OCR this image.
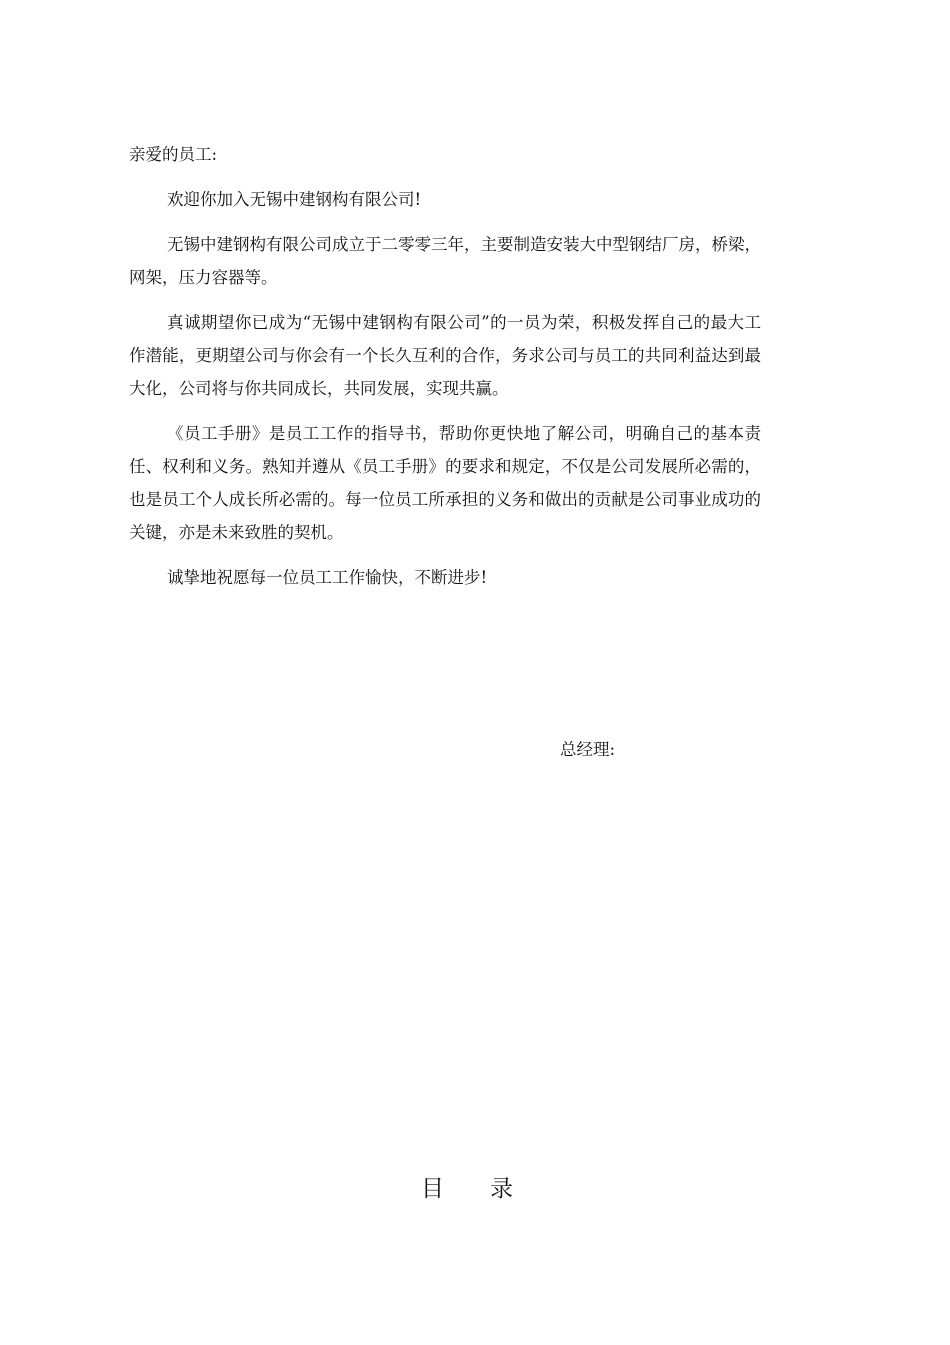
亲爱的员工:

欢迎你加入无锡中建钢构有限公司!

无锡中建钢构有限公司成立于二零零三年，主要制造安装大中型钢结厂房，桥梁，网架，压力容器等。

真诚期望你已成为“无锡中建钢构有限公司”的一员为荣，积极发挥自己的最大工作潜能，更期望公司与你会有一个长久互利的合作，务求公司与员工的共同利益达到最大化，公司将与你共同成长，共同发展，实现共赢。

《员工手册》是员工工作的指导书，帮助你更快地了解公司，明确自己的基本责任、权利和义务。熟知并遵从《员工手册》的要求和规定，不仅是公司发展所必需的，也是员工个人成长所必需的。每一位员工所承担的义务和做出的贡献是公司事业成功的关键，亦是未来致胜的契机。

诚挚地祝愿每一位员工工作愉快，不断进步!

总经理:
目　　录
